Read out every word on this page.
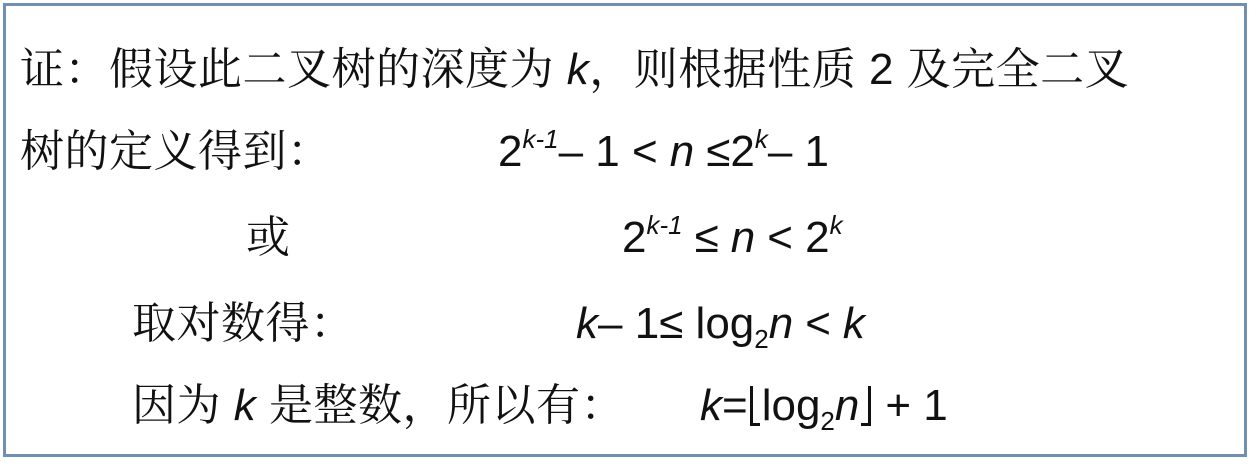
证：假设此二叉树的深度为 k，则根据性质 2 及完全二叉
树的定义得到：	2$^{k-1}$– $1 < n \le 2^k-$ 1
或	$2^{k-1} \le n < 2^k$
取对数得：	k– $1\le \log_2n < k$
因为 k 是整数，所以有： $k= \log_2n + 1$
